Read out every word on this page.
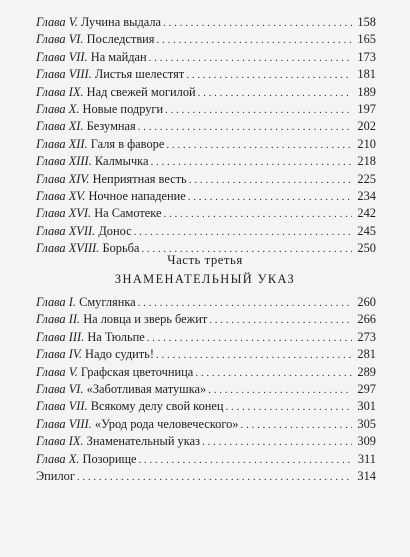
Глава V. Лучина выдала . . .	158
Глава VI. Последствия . . .	165
Глава VII. На майдан . . .	173
Глава VIII. Листья шелестят . . .	181
Глава IX. Над свежей могилой . . .	189
Глава X. Новые подруги . . .	197
Глава XI. Безумная . . .	202
Глава XII. Галя в фаворе . . .	210
Глава XIII. Калмычка . . .	218
Глава XIV. Неприятная весть . . .	225
Глава XV. Ночное нападение . . .	234
Глава XVI. На Самотеке . . .	242
Глава XVII. Донос . . .	245
Глава XVIII. Борьба . . .	250
Часть третья
ЗНАМЕНАТЕЛЬНЫЙ УКАЗ
Глава I. Смуглянка . . .	260
Глава II. На ловца и зверь бежит . . .	266
Глава III. На Тюльпе . . .	273
Глава IV. Надо судить! . . .	281
Глава V. Графская цветочница . . .	289
Глава VI. «Заботливая матушка» . . .	297
Глава VII. Всякому делу свой конец . . .	301
Глава VIII. «Урод рода человеческого» . . .	305
Глава IX. Знаменательный указ . . .	309
Глава X. Позорище . . .	311
Эпилог . . .	314
